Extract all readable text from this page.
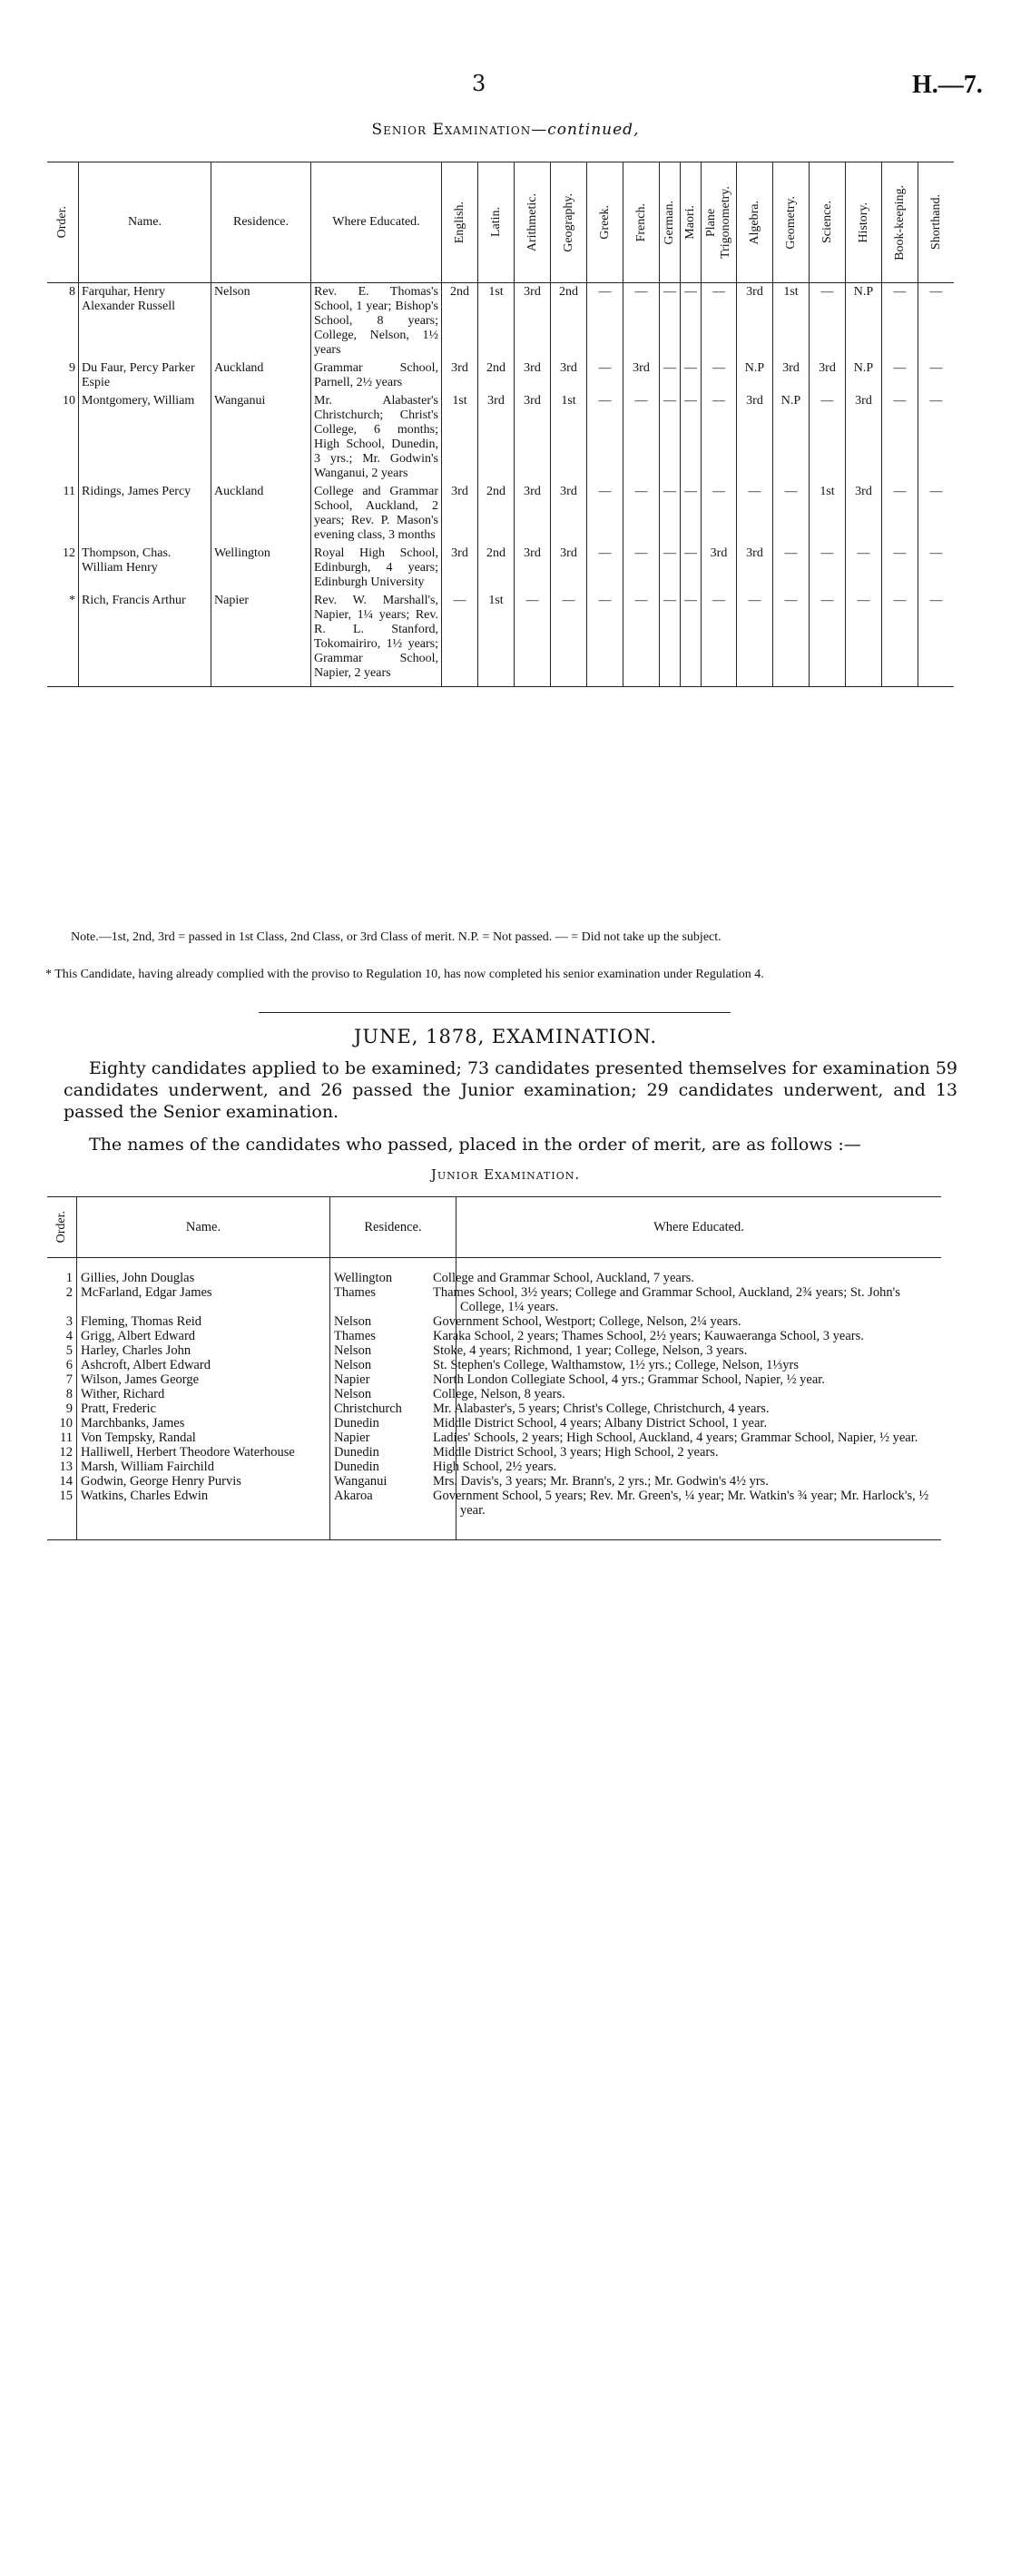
3	H.—7.
Senior Examination—continued,
Order.	Name.	Residence.	Where Educated.	English.	Latin.	Arithmetic.	Geography.	Greek.	French.	German.	Maori.	Plane Trigonometry.	Algebra.	Geometry.	Science.	History.	Book-keeping.	Shorthand.

8	Farquhar, Henry Alexander Russell	Nelson	Rev. E. Thomas's School, 1 year; Bishop's School, 8 years; College, Nelson, 1½ years	2nd	1st	3rd	2nd	—	—	—	—	—	3rd	1st	—	N.P	—	—
9	Du Faur, Percy Parker Espie	Auckland	Grammar School, Parnell, 2½ years	3rd	2nd	3rd	3rd	—	3rd	—	—	—	N.P	3rd	3rd	N.P	—	—
10	Montgomery, William	Wanganui	Mr. Alabaster's Christchurch; Christ's College, 6 months; High School, Dunedin, 3 yrs.; Mr. Godwin's Wanganui, 2 years	1st	3rd	3rd	1st	—	—	—	—	—	3rd	N.P	—	3rd	—	—
11	Ridings, James Percy	Auckland	College and Grammar School, Auckland, 2 years; Rev. P. Mason's evening class, 3 months	3rd	2nd	3rd	3rd	—	—	—	—	—	—	—	1st	3rd	—	—
12	Thompson, Chas. William Henry	Wellington	Royal High School, Edinburgh, 4 years; Edinburgh University	3rd	2nd	3rd	3rd	—	—	—	—	3rd	3rd	—	—	—	—	—
*	Rich, Francis Arthur	Napier	Rev. W. Marshall's, Napier, 1¼ years; Rev. R. L. Stanford, Tokomairiro, 1½ years; Grammar School, Napier, 2 years	—	1st	—	—	—	—	—	—	—	—	—	—	—	—	—
Note.—1st, 2nd, 3rd = passed in 1st Class, 2nd Class, or 3rd Class of merit. N.P. = Not passed. — = Did not take up the subject.
* This Candidate, having already complied with the proviso to Regulation 10, has now completed his senior examination under Regulation 4.
JUNE, 1878, EXAMINATION.
Eighty candidates applied to be examined; 73 candidates presented themselves for examination 59 candidates underwent, and 26 passed the Junior examination; 29 candidates underwent, and 13 passed the Senior examination.
The names of the candidates who passed, placed in the order of merit, are as follows :—
Junior Examination.
Order.	Name.	Residence.	Where Educated.

1	Gillies, John Douglas	Wellington	College and Grammar School, Auckland, 7 years.
2	McFarland, Edgar James	Thames	Thames School, 3½ years; College and Grammar School, Auckland, 2¾ years; St. John's College, 1¼ years.
3	Fleming, Thomas Reid	Nelson	Government School, Westport; College, Nelson, 2¼ years.
4	Grigg, Albert Edward	Thames	Karaka School, 2 years; Thames School, 2½ years; Kauwaeranga School, 3 years.
5	Harley, Charles John	Nelson	Stoke, 4 years; Richmond, 1 year; College, Nelson, 3 years.
6	Ashcroft, Albert Edward	Nelson	St. Stephen's College, Walthamstow, 1½ yrs.; College, Nelson, 1⅓yrs
7	Wilson, James George	Napier	North London Collegiate School, 4 yrs.; Grammar School, Napier, ½ year.
8	Wither, Richard	Nelson	College, Nelson, 8 years.
9	Pratt, Frederic	Christchurch	Mr. Alabaster's, 5 years; Christ's College, Christchurch, 4 years.
10	Marchbanks, James	Dunedin	Middle District School, 4 years; Albany District School, 1 year.
11	Von Tempsky, Randal	Napier	Ladies' Schools, 2 years; High School, Auckland, 4 years; Grammar School, Napier, ½ year.
12	Halliwell, Herbert Theodore Waterhouse	Dunedin	Middle District School, 3 years; High School, 2 years.
13	Marsh, William Fairchild	Dunedin	High School, 2½ years.
14	Godwin, George Henry Purvis	Wanganui	Mrs. Davis's, 3 years; Mr. Brann's, 2 yrs.; Mr. Godwin's 4½ yrs.
15	Watkins, Charles Edwin	Akaroa	Government School, 5 years; Rev. Mr. Green's, ¼ year; Mr. Watkin's ¾ year; Mr. Harlock's, ½ year.
